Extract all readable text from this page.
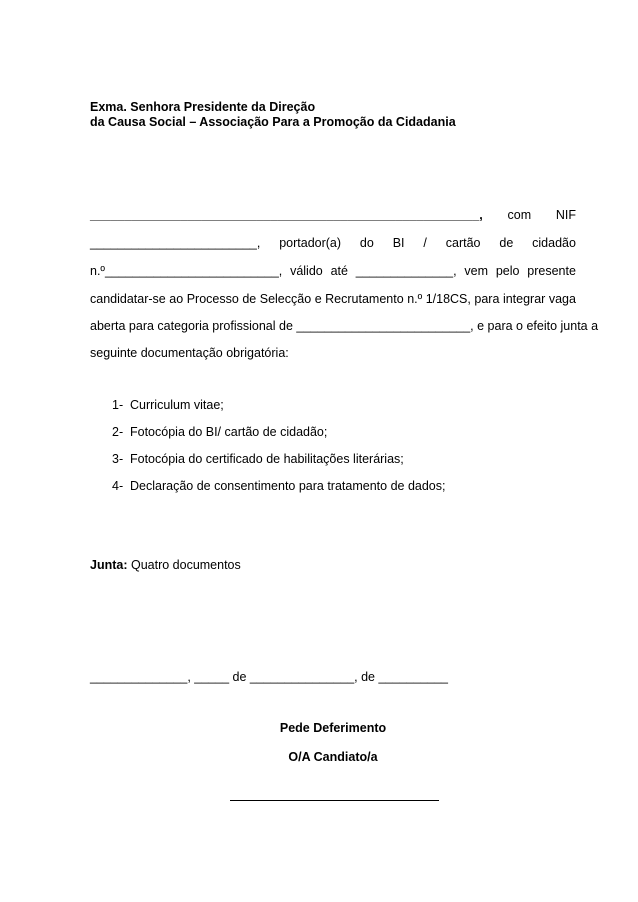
Exma. Senhora Presidente da Direção
da Causa Social – Associação Para a Promoção da Cidadania
________________________________________________________, com NIF
________________________, portador(a) do BI / cartão de cidadão
n.º_________________________, válido até ______________, vem pelo presente
candidatar-se ao Processo de Selecção e Recrutamento n.º 1/18CS, para integrar vaga
aberta para categoria profissional de _________________________, e para o efeito junta a
seguinte documentação obrigatória:
1- Curriculum vitae;
2- Fotocópia do BI/ cartão de cidadão;
3- Fotocópia do certificado de habilitações literárias;
4- Declaração de consentimento para tratamento de dados;
Junta: Quatro documentos
______________, _____ de _______________, de __________
Pede Deferimento
O/A Candiato/a
